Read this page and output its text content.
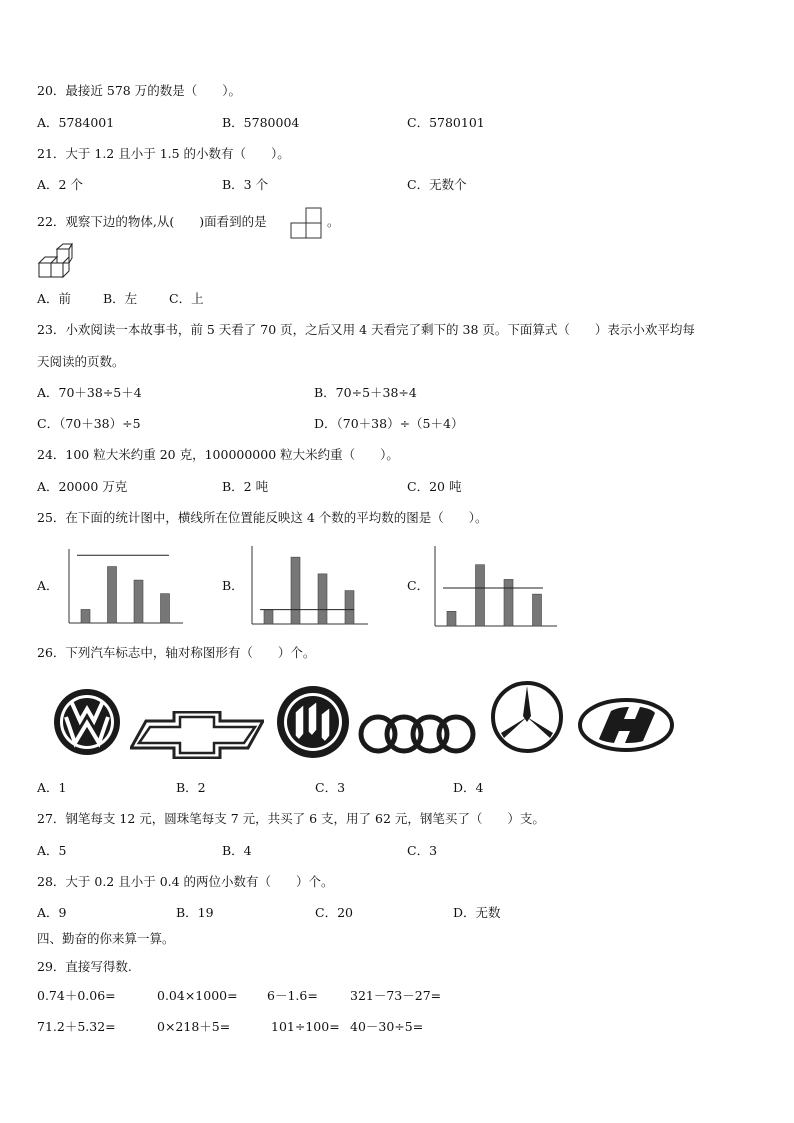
20．最接近 578 万的数是（　　）。
A．5784001	B．5780004	C．5780101
21．大于 1.2 且小于 1.5 的小数有（　　）。
A．2 个	B．3 个	C．无数个
22．观察下边的物体,从(　　)面看到的是	。
A．前	B．左	C．上
23．小欢阅读一本故事书，前 5 天看了 70 页，之后又用 4 天看完了剩下的 38 页。下面算式（　　）表示小欢平均每
天阅读的页数。
A．70＋38÷5＋4	B．70÷5＋38÷4
C．（70＋38）÷5	D．（70＋38）÷（5＋4）
24．100 粒大米约重 20 克，100000000 粒大米约重（　　）。
A．20000 万克	B．2 吨	C．20 吨
25．在下面的统计图中，横线所在位置能反映这 4 个数的平均数的图是（　　）。
A．	B．	C．
26．下列汽车标志中，轴对称图形有（　　）个。
A．1	B．2	C．3	D．4
27．钢笔每支 12 元，圆珠笔每支 7 元，共买了 6 支，用了 62 元，钢笔买了（　　）支。
A．5	B．4	C．3
28．大于 0.2 且小于 0.4 的两位小数有（　　）个。
A．9	B．19	C．20	D．无数
四、勤奋的你来算一算。
29．直接写得数.
0.74＋0.06=	0.04×1000= 6－1.6=	321－73－27=
71.2＋5.32=	0×218＋5=	101÷100= 40－30÷5=
